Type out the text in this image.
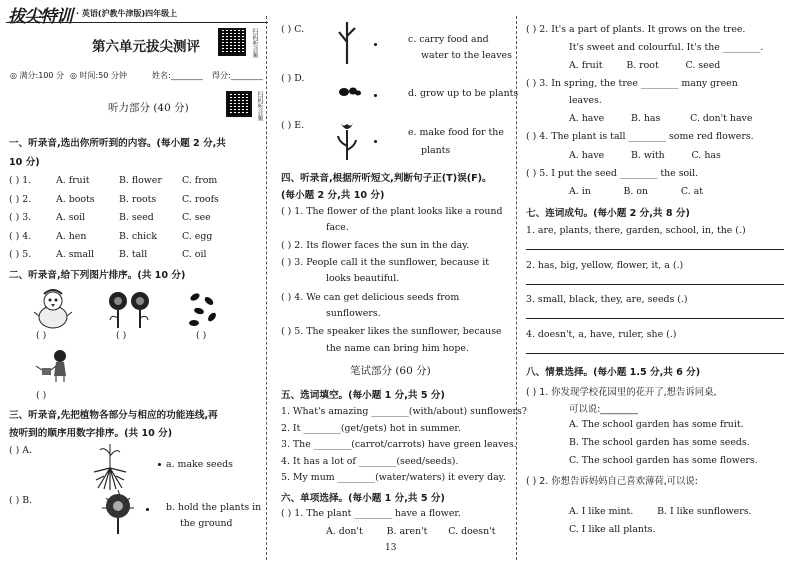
拔尖特训 · 英语(沪教牛津版)四年级上
第六单元拔尖测评	扫码听音频
◎ 满分:100 分 ◎ 时间:50 分钟	姓名:________ 得分:________
听力部分 (40 分)	扫码听音频
一、听录音,选出你所听到的内容。(每小题 2 分,共
10 分)
( ) 1.	A. fruit	B. flower C. from
( ) 2.	A. boots	B. roots	C. roofs
( ) 3.	A. soil	B. seed	C. see
( ) 4.	A. hen	B. chick	C. egg
( ) 5.	A. small	B. tall	C. oil
二、听录音,给下列图片排序。(共 10 分)
( )	( )	( )
( )
三、听录音,先把植物各部分与相应的功能连线,再
按听到的顺序用数字排序。(共 10 分)
( ) A.
a. make seeds
( ) B.
b. hold the plants in
the ground
( ) C.
c. carry food and
water to the leaves
( ) D.
d. grow up to be plants
( ) E.
e. make food for the
plants
四、听录音,根据所听短文,判断句子正(T)误(F)。
(每小题 2 分,共 10 分)
( ) 1. The flower of the plant looks like a round
face.
( ) 2. Its flower faces the sun in the day.
( ) 3. People call it the sunflower, because it
looks beautiful.
( ) 4. We can get delicious seeds from
sunflowers.
( ) 5. The speaker likes the sunflower, because
the name can bring him hope.
笔试部分 (60 分)
五、选词填空。(每小题 1 分,共 5 分)
1. What's amazing ________(with/about) sunflowers?
2. It ________(get/gets) hot in summer.
3. The ________(carrot/carrots) have green leaves.
4. It has a lot of ________(seed/seeds).
5. My mum ________(water/waters) it every day.
六、单项选择。(每小题 1 分,共 5 分)
( ) 1. The plant ________ have a flower.
A. don't        B. aren't       C. doesn't
13
( ) 2. It's a part of plants. It grows on the tree.
It's sweet and colourful. It's the ________.
A. fruit        B. root         C. seed
( ) 3. In spring, the tree ________ many green
leaves.
A. have         B. has          C. don't have
( ) 4. The plant is tall ________ some red flowers.
A. have         B. with         C. has
( ) 5. I put the seed ________ the soil.
A. in           B. on           C. at
七、连词成句。(每小题 2 分,共 8 分)
1. are, plants, there, garden, school, in, the (.)
2. has, big, yellow, flower, it, a (.)
3. small, black, they, are, seeds (.)
4. doesn't, a, have, ruler, she (.)
八、情景选择。(每小题 1.5 分,共 6 分)
( ) 1. 你发现学校花园里的花开了,想告诉同桌,
可以说:________
A. The school garden has some fruit.
B. The school garden has some seeds.
C. The school garden has some flowers.
( ) 2. 你想告诉妈妈自己喜欢薄荷,可以说:
A. I like mint.        B. I like sunflowers.
C. I like all plants.
